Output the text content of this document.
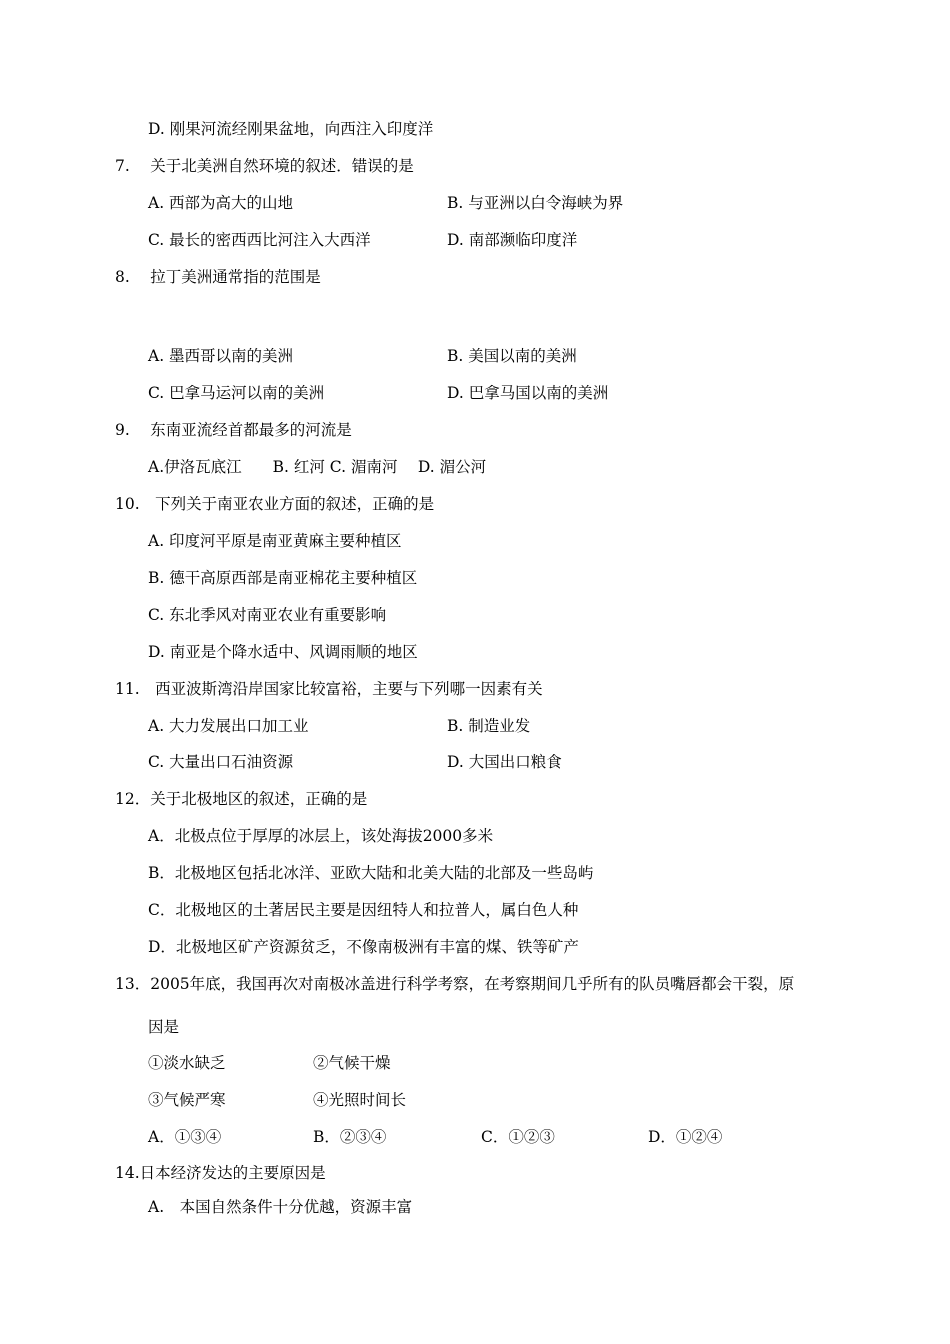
D. 刚果河流经刚果盆地，向西注入印度洋
7.　 关于北美洲自然环境的叙述．错误的是
A. 西部为高大的山地	B. 与亚洲以白令海峡为界
C. 最长的密西西比河注入大西洋	D. 南部濒临印度洋
8.　 拉丁美洲通常指的范围是
A. 墨西哥以南的美洲	B. 美国以南的美洲
C. 巴拿马运河以南的美洲	D. 巴拿马国以南的美洲
9.　 东南亚流经首都最多的河流是
A.伊洛瓦底江　　B. 红河 C. 湄南河　 D. 湄公河
10.　下列关于南亚农业方面的叙述，正确的是
A. 印度河平原是南亚黄麻主要种植区
B. 德干高原西部是南亚棉花主要种植区
C. 东北季风对南亚农业有重要影响
D. 南亚是个降水适中、风调雨顺的地区
11.　西亚波斯湾沿岸国家比较富裕，主要与下列哪一因素有关
A. 大力发展出口加工业	B. 制造业发
C. 大量出口石油资源	D. 大国出口粮食
12．关于北极地区的叙述，正确的是
A．北极点位于厚厚的冰层上，该处海拔2000多米
B．北极地区包括北冰洋、亚欧大陆和北美大陆的北部及一些岛屿
C．北极地区的土著居民主要是因纽特人和拉普人，属白色人种
D．北极地区矿产资源贫乏，不像南极洲有丰富的煤、铁等矿产
13．2005年底，我国再次对南极冰盖进行科学考察，在考察期间几乎所有的队员嘴唇都会干裂，原
因是
①淡水缺乏	②气候干燥
③气候严寒	④光照时间长
A．①③④	B．②③④	C．①②③	D．①②④
14.日本经济发达的主要原因是
A.　本国自然条件十分优越，资源丰富
